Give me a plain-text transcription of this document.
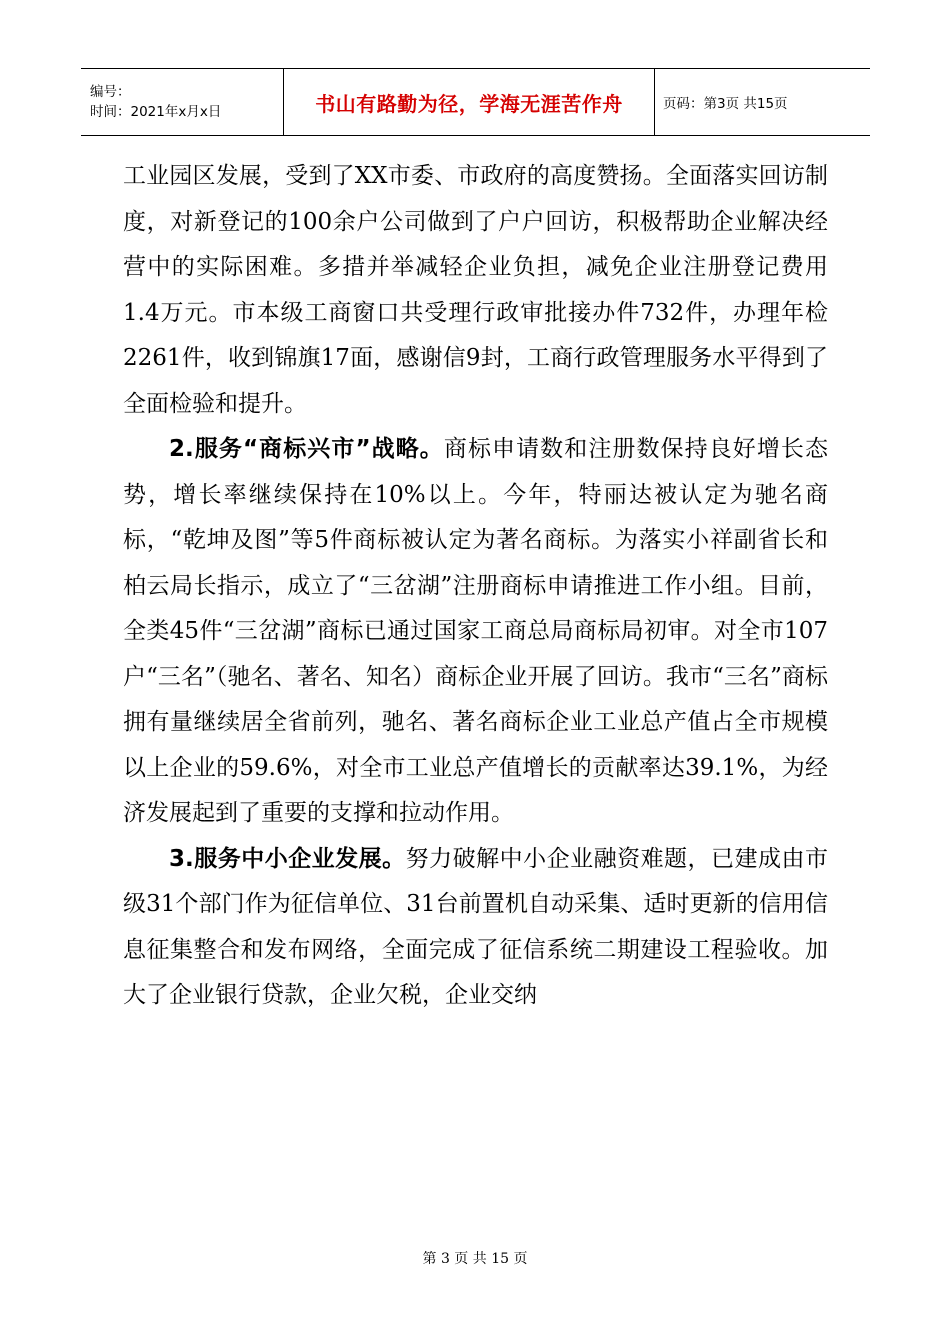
编号：
时间：2021年x月x日	书山有路勤为径，学海无涯苦作舟	页码：第3页 共15页

工业园区发展，受到了XX市委、市政府的高度赞扬。全面落实回访制度，对新登记的100余户公司做到了户户回访，积极帮助企业解决经营中的实际困难。多措并举减轻企业负担，减免企业注册登记费用 1.4万元。市本级工商窗口共受理行政审批接办件732件，办理年检2261件，收到锦旗17面，感谢信9封，工商行政管理服务水平得到了全面检验和提升。

2.服务“商标兴市”战略。商标申请数和注册数保持良好增长态势，增长率继续保持在10%以上。今年，特丽达被认定为驰名商标，“乾坤及图”等5件商标被认定为著名商标。为落实小祥副省长和柏云局长指示，成立了“三岔湖”注册商标申请推进工作小组。目前，全类45件“三岔湖”商标已通过国家工商总局商标局初审。对全市107户“三名”（驰名、著名、知名）商标企业开展了回访。我市“三名”商标拥有量继续居全省前列，驰名、著名商标企业工业总产值占全市规模以上企业的59.6%，对全市工业总产值增长的贡献率达39.1%，为经济发展起到了重要的支撑和拉动作用。

3.服务中小企业发展。努力破解中小企业融资难题，已建成由市级31个部门作为征信单位、31台前置机自动采集、适时更新的信用信息征集整合和发布网络，全面完成了征信系统二期建设工程验收。加大了企业银行贷款，企业欠税，企业交纳

第 3 页 共 15 页
